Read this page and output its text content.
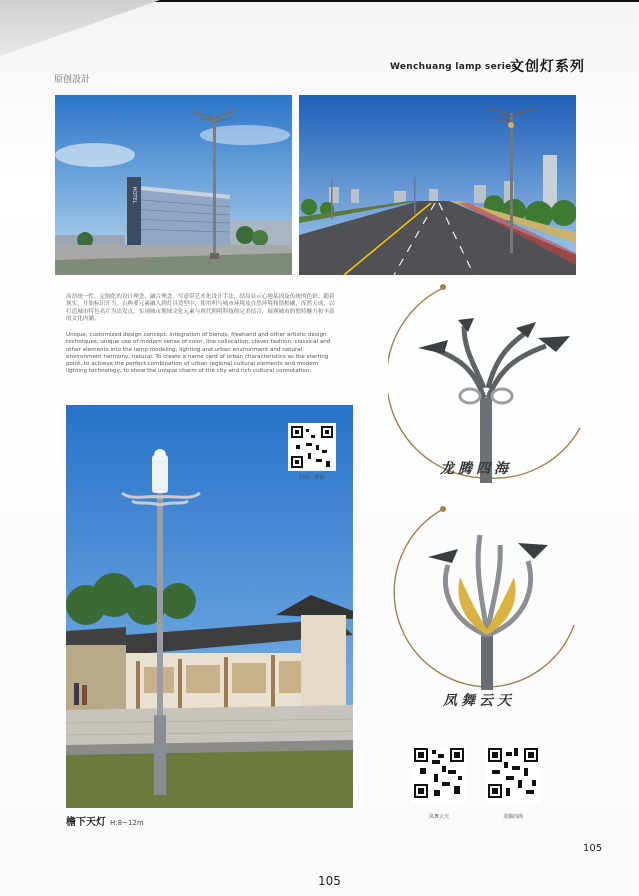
Wenchuang lamp series
文创灯系列
原创設計
HOTEL
高昂统一性，定制化的设计理念，融合理念，写意带艺术化设计手法，结局显示心地基因及传统的色彩。随着现实，开始标识开当，古典要元素融入到灯具造型中，使用明与城市环境及自然环境和谐相融，浑然天成，以打造城市特色名片为出发点，实现城市地域文化元素与现代照明科技的完美结合，展现城市的独特魅力和丰富的文化内涵。
Unique, customized design concept, integration of blends, freehand and other artistic design techniques, unique use of modern sense of color, line collocation, clever fashion, classical and other elements into the lamp modeling, lighting and urban environment and natural environment harmony, natural. To create a name card of urban characteristics as the starting point, to achieve the perfect combination of urban regional cultural elements and modern lighting technology, to show the unique charm of the city and rich cultural connotation.
扫码二维码
檐下天灯 H:8~12m
龙腾四海
凤舞云天
凤舞云天	龙腾四海
105
105
